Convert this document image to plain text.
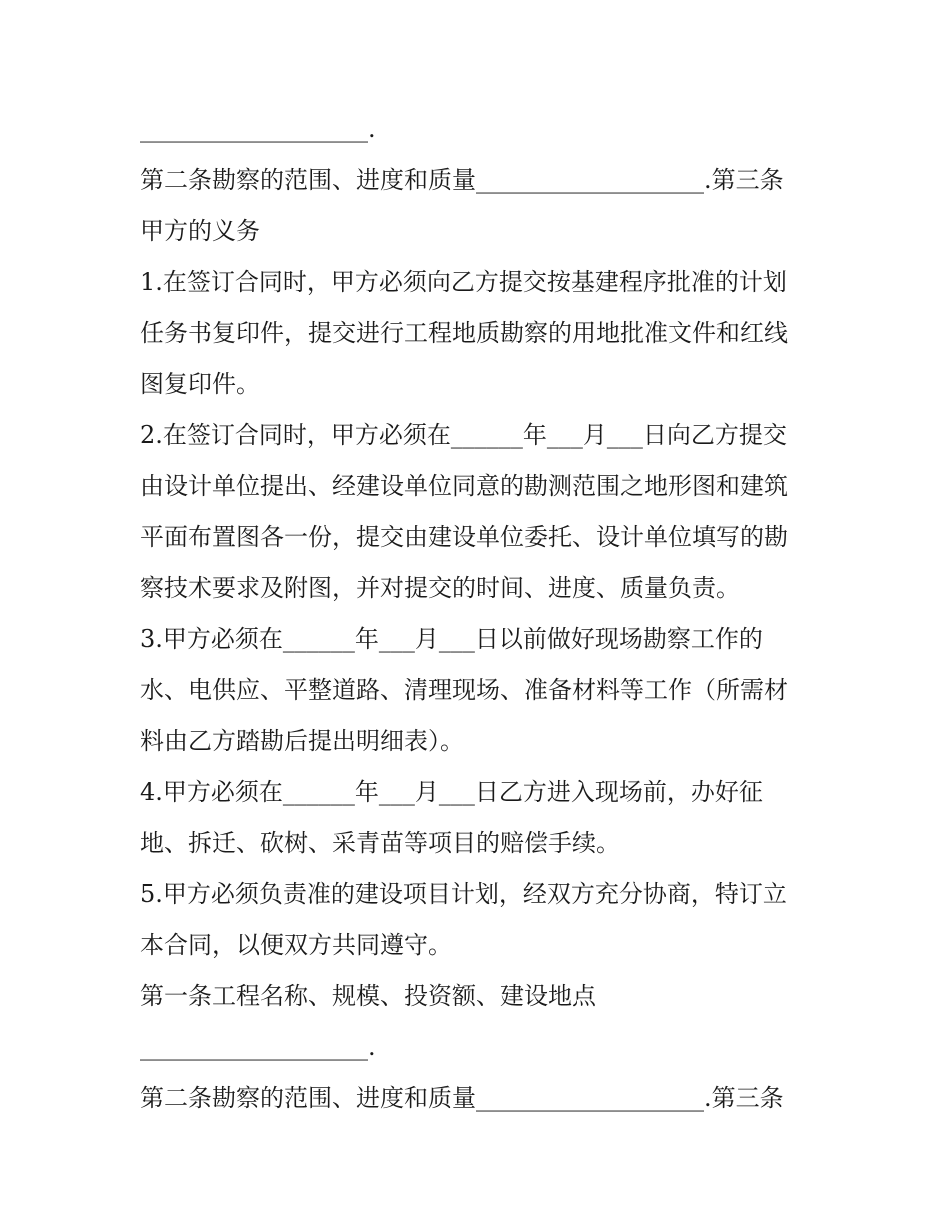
___________________.
第二条勘察的范围、进度和质量___________________.第三条
甲方的义务
1.在签订合同时，甲方必须向乙方提交按基建程序批准的计划
任务书复印件，提交进行工程地质勘察的用地批准文件和红线
图复印件。
2.在签订合同时，甲方必须在______年___月___日向乙方提交
由设计单位提出、经建设单位同意的勘测范围之地形图和建筑
平面布置图各一份，提交由建设单位委托、设计单位填写的勘
察技术要求及附图，并对提交的时间、进度、质量负责。
3.甲方必须在______年___月___日以前做好现场勘察工作的
水、电供应、平整道路、清理现场、准备材料等工作（所需材
料由乙方踏勘后提出明细表）。
4.甲方必须在______年___月___日乙方进入现场前，办好征
地、拆迁、砍树、采青苗等项目的赔偿手续。
5.甲方必须负责准的建设项目计划，经双方充分协商，特订立
本合同，以便双方共同遵守。
第一条工程名称、规模、投资额、建设地点
___________________.
第二条勘察的范围、进度和质量___________________.第三条
